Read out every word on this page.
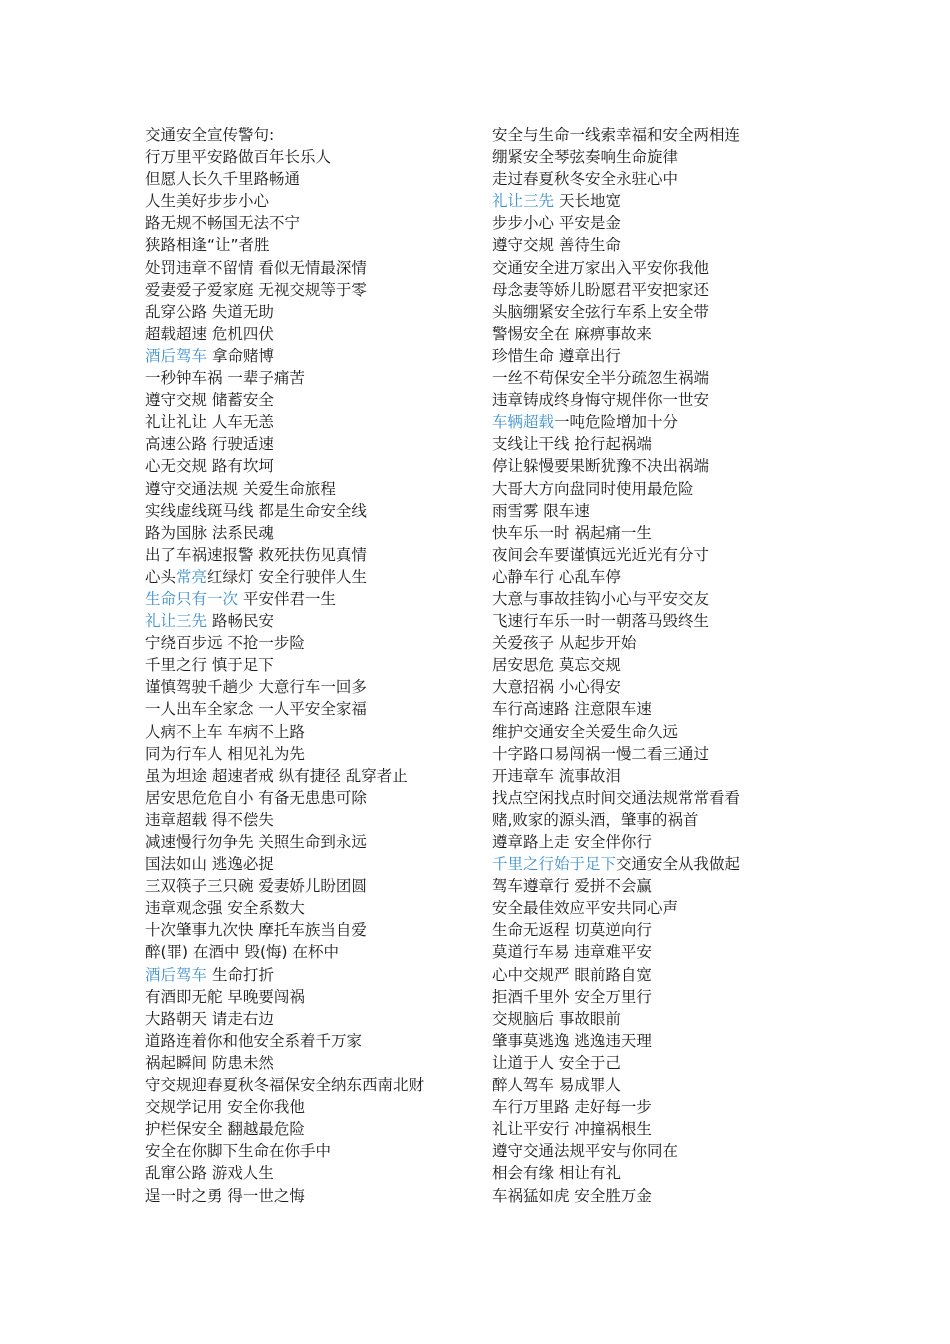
交通安全宣传警句:
行万里平安路做百年长乐人
但愿人长久千里路畅通
人生美好步步小心
路无规不畅国无法不宁
狭路相逢“让”者胜
处罚违章不留情 看似无情最深情
爱妻爱子爱家庭 无视交规等于零
乱穿公路 失道无助
超载超速 危机四伏
酒后驾车 拿命赌博
一秒钟车祸 一辈子痛苦
遵守交规 储蓄安全
礼让礼让 人车无恙
高速公路 行驶适速
心无交规 路有坎坷
遵守交通法规 关爱生命旅程
实线虚线斑马线 都是生命安全线
路为国脉 法系民魂
出了车祸速报警 救死扶伤见真情
心头常亮红绿灯 安全行驶伴人生
生命只有一次 平安伴君一生
礼让三先 路畅民安
宁绕百步远 不抢一步险
千里之行 慎于足下
谨慎驾驶千趟少 大意行车一回多
一人出车全家念 一人平安全家福
人病不上车 车病不上路
同为行车人 相见礼为先
虽为坦途 超速者戒 纵有捷径 乱穿者止
居安思危危自小 有备无患患可除
违章超载 得不偿失
减速慢行勿争先 关照生命到永远
国法如山 逃逸必捉
三双筷子三只碗 爱妻娇儿盼团圆
违章观念强 安全系数大
十次肇事九次快 摩托车族当自爱
醉(罪) 在酒中 毁(悔) 在杯中
酒后驾车 生命打折
有酒即无舵 早晚要闯祸
大路朝天 请走右边
道路连着你和他安全系着千万家
祸起瞬间 防患未然
守交规迎春夏秋冬福保安全纳东西南北财
交规学记用 安全你我他
护栏保安全 翻越最危险
安全在你脚下生命在你手中
乱窜公路 游戏人生
逞一时之勇 得一世之悔
安全与生命一线索幸福和安全两相连
绷紧安全琴弦奏响生命旋律
走过春夏秋冬安全永驻心中
礼让三先 天长地宽
步步小心 平安是金
遵守交规 善待生命
交通安全进万家出入平安你我他
母念妻等娇儿盼愿君平安把家还
头脑绷紧安全弦行车系上安全带
警惕安全在 麻痹事故来
珍惜生命 遵章出行
一丝不苟保安全半分疏忽生祸端
违章铸成终身悔守规伴你一世安
车辆超载一吨危险增加十分
支线让干线 抢行起祸端
停让躲慢要果断犹豫不决出祸端
大哥大方向盘同时使用最危险
雨雪雾 限车速
快车乐一时 祸起痛一生
夜间会车要谨慎远光近光有分寸
心静车行 心乱车停
大意与事故挂钩小心与平安交友
飞速行车乐一时一朝落马毁终生
关爱孩子 从起步开始
居安思危 莫忘交规
大意招祸 小心得安
车行高速路 注意限车速
维护交通安全关爱生命久远
十字路口易闯祸一慢二看三通过
开违章车 流事故泪
找点空闲找点时间交通法规常常看看
赌,败家的源头酒，肇事的祸首
遵章路上走 安全伴你行
千里之行始于足下交通安全从我做起
驾车遵章行 爱拼不会赢
安全最佳效应平安共同心声
生命无返程 切莫逆向行
莫道行车易 违章难平安
心中交规严 眼前路自宽
拒酒千里外 安全万里行
交规脑后 事故眼前
肇事莫逃逸 逃逸违天理
让道于人 安全于己
醉人驾车 易成罪人
车行万里路 走好每一步
礼让平安行 冲撞祸根生
遵守交通法规平安与你同在
相会有缘 相让有礼
车祸猛如虎 安全胜万金
